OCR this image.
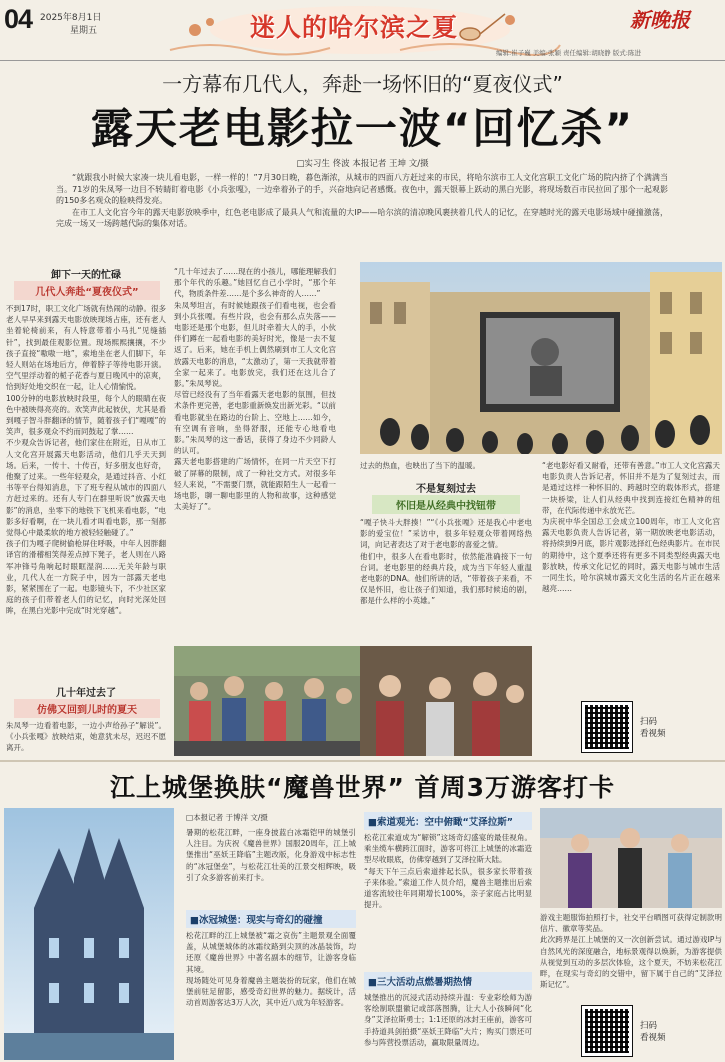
04 2025年8月1日
星期五	迷人的哈尔滨之夏	新晚报
编辑:崔子巍 美编:张颖 责任编辑:胡晓静 版式:陈进
一方幕布几代人，奔赴一场怀旧的“夏夜仪式”
露天老电影拉一波“回忆杀”
□实习生 佟波 本报记者 王坤 文/摄

“就跟我小时候大家凑一块儿看电影，一样一样的！”7月30日晚，暮色渐浓，从城市的四面八方赶过来的市民，将哈尔滨市工人文化宫职工文化广场的院内挤了个满满当当。71岁的朱凤琴一边目不转睛盯着电影《小兵张嘎》，一边牵着孙子的手，兴奋地向记者感慨。夜色中，露天银幕上跃动的黑白光影，将现场数百市民拉回了那个一起观影的150多名观众的脸映得发亮。

在市工人文化宫今年的露天电影放映季中，红色老电影成了最具人气和流量的大IP——哈尔滨的清凉晚风裹挟着几代人的记忆，在穿越时光的露天电影场域中碰撞激荡，完成一场又一场跨越代际的集体对话。

卸下一天的忙碌
几代人奔赴“夏夜仪式”
不到17时，职工文化广场就有热闹的动静。很多老人早早来到露天电影放映现场占座，还有老人坐着轮椅前来，有人特意带着小马扎“见缝插针”，找到最佳观影位置。现场熙熙攘攘，不少孩子直接“嗷嗷一地”，索地坐在老人们脚下，年轻人则站在场地后方，伸着脖子等待电影开演。空气里浮动着的栀子花香与夏日晚风中的凉爽，恰到好处地交织在一起，让人心情愉悦。
100分钟的电影放映时段里，每个人的眼睛在夜色中被映得亮亮的。欢笑声此起彼伏，尤其是看到嘎子智斗胖翻译的情节，随着孩子们“嘎嘎”的笑声，很多观众不约而同鼓起了掌……
不少观众告诉记者，他们家住在附近，日从市工人文化宫开展露天电影活动，他们几乎天天到场。后来，一传十、十传百，好多朋友也好奇，他聚了过来。一些年轻观众，是通过抖音、小红书等平台得知消息，下了班专程从城市的四面八方赶过来的。还有人专门在群里听说“放露天电影”的消息，坐零下的地铁下飞机来看电影，“电影多好看啊，在一块儿看才叫看电影，那一刻都觉得心中最柔软的地方被轻轻触碰了。”
孩子们为嘎子爬树偷枪屏住呼吸，中年人因胖翻译官的滑稽相笑得差点掉下凳子，老人则在八路军冲锋号角响起时眼眶湿润……无关年龄与职业，几代人在一方院子中，因为一部露天老电影，紧紧围在了一起。电影镜头下，不少社区家庭的孩子们带着老人们的记忆，向时光深处回眸，在黑白光影中完成“时光穿越”。
几十年过去了
仿佛又回到儿时的夏天
朱凤琴一边看着电影，一边小声给孙子“解说”。《小兵张嘎》放映结束，她意犹未尽，迟迟不愿离开。
“几十年过去了……现在的小孩儿，哪能理解我们那个年代的乐趣。”她回忆自己小学时，“那个年代，物质条件差……是个多么神奇的人……”
朱凤琴坦言，有时候她跟孩子们看电视，也会看到小兵张嘎。有些片段，也会有那么点失落——电影还是那个电影，但儿时牵着大人的手，小伙伴们蹲在一起看电影的美好时光，像是一去不复返了。后来，她在手机上偶然刷到市工人文化宫放露天电影的消息，“太激动了，第一天我就带着全家一起来了。电影放完，我们还在这儿合了影。”朱凤琴说。
尽管已经没有了当年看露天老电影的氛围，但技术条件更完善，老电影重新焕发出新光彩。“以前看电影就坐在路边的台阶上、空地上……如今，有空调有音响，坐得舒服，还能专心地看电影。”朱凤琴的这一番话，获得了身边不少同龄人的认可。
露天老电影搭建的广场情怀，在同一片天空下打破了屏幕的限制，成了一种社交方式。对很多年轻人来说，“不需要门票，就能跟陌生人一起看一场电影，聊一聊电影里的人物和故事，这种感觉太美好了”。
过去的热血，也映出了当下的温暖。
不是复刻过去
怀旧是从经典中找钮带
“嘎子快斗大胖揍！”“《小兵张嘎》还是我心中老电影的爱宝位！”采访中，很多年轻观众带着网络热词，向记者表达了对于老电影的喜爱之情。
他们中，很多人在看电影时，依然能准确接下一句台词。老电影里的经典片段，成为当下年轻人重温老电影的DNA。他们所讲的话，“带着孩子来看，不仅是怀旧，也让孩子们知道，我们那时候追的剧，都是什么样的小英雄。”
“老电影好看又耐看，还带有善意。”市工人文化宫露天电影负责人告诉记者，怀旧并不是为了复刻过去，而是通过这样一种怀旧的、跨越时空的载体形式，搭建一块桥梁，让人们从经典中找到连接红色精神的纽带，在代际传递中永放光芒。
为庆祝中华全国总工会成立100周年，市工人文化宫露天电影负责人告诉记者，第一期放映老电影活动，将持续到9月底，影片观影选择红色经典影片。在市民的期待中，这个夏季还将有更多不同类型经典露天电影放映，传承文化记忆的同时，露天电影与城市生活一同生长，哈尔滨城市露天文化生活的名片正在越来越亮……
扫码
看视频
江上城堡换肤“魔兽世界” 首周3万游客打卡
□本报记者 于博洋 文/摄
暑期的松花江畔，一座身披蓝白冰霜铠甲的城堡引人注目。为庆祝《魔兽世界》国服20周年，江上城堡推出“巫妖王降临”主题改版，化身游戏中标志性的“冰冠堡垒”，与松花江壮美的江景交相辉映，吸引了众多游客前来打卡。
■冰冠城堡：现实与奇幻的碰撞
松花江畔的江上城堡被“霜之哀伤”主题景观全面覆盖，从城堡城体的冰霜纹路到尖顶的冰晶装饰，均还原《魔兽世界》中著名副本的细节，让游客身临其境。
现场随处可见身着魔兽主题装扮的玩家，他们在城堡前驻足留影，感受奇幻世界的魅力。据统计，活动首周游客达3万人次，其中近八成为年轻游客。
■索道观光：空中俯瞰“艾泽拉斯”
松花江索道成为“解锁”这场奇幻盛宴的最佳视角。乘坐缆车横跨江面时，游客可将江上城堡的冰霜造型尽收眼底，仿佛穿越到了艾泽拉斯大陆。
“每天下午三点后索道排起长队，很多家长带着孩子来体验。”索道工作人员介绍，魔兽主题推出后索道客流较往年同期增长100%，亲子家庭占比明显提升。
■三大活动点燃暑期热情
城堡推出的沉浸式活动持续升温：专业彩绘师为游客绘制联盟徽记或部落图腾，让大人小孩瞬间“化身”艾泽拉斯勇士；1:1还原的冰封王座前，游客可手持道具剑拍摄“巫妖王降临”大片；购买门票还可参与阵营投票活动，赢取限量周边。
游戏主题服饰拍照打卡，社交平台晒图可获得定制款明信片、徽章等奖品。
此次跨界是江上城堡的又一次创新尝试。通过游戏IP与自然风光的深度融合，地标景观得以焕新，为游客提供从视觉到互动的多层次体验，这个夏天，不妨来松花江畔，在现实与奇幻的交错中，留下属于自己的“艾泽拉斯记忆”。
扫码
看视频
